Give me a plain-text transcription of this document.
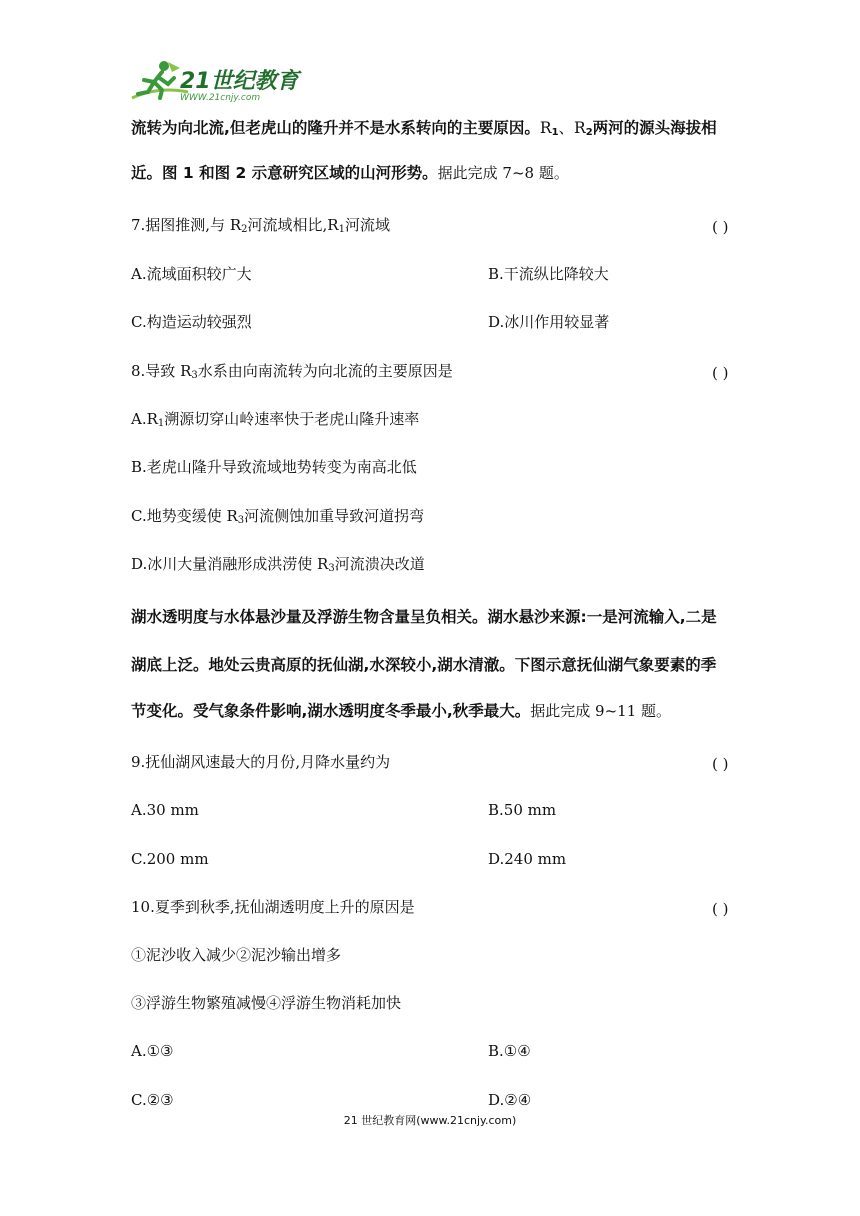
21世纪教育
WWW.21cnjy.com
流转为向北流,但老虎山的隆升并不是水系转向的主要原因。$R_1$、$R_2$两河的源头海拔相
近。图 1 和图 2 示意研究区域的山河形势。据此完成 7~8 题。
7.据图推测,与 $R_2$河流域相比$,R_1$河流域	( )
A.流域面积较广大	B.干流纵比降较大
C.构造运动较强烈	D.冰川作用较显著
8.导致 $R_3$水系由向南流转为向北流的主要原因是	( )
$A.R_1$溯源切穿山岭速率快于老虎山隆升速率
B.老虎山隆升导致流域地势转变为南高北低
C.地势变缓使 $R_3$河流侧蚀加重导致河道拐弯
D.冰川大量消融形成洪涝使 $R_3$河流溃决改道
湖水透明度与水体悬沙量及浮游生物含量呈负相关。湖水悬沙来源:一是河流输入,二是
湖底上泛。地处云贵高原的抚仙湖,水深较小,湖水清澈。下图示意抚仙湖气象要素的季
节变化。受气象条件影响,湖水透明度冬季最小,秋季最大。据此完成 9~11 题。
9.抚仙湖风速最大的月份,月降水量约为	( )
A.30 mm	B.50 mm
C.200 mm	D.240 mm
10.夏季到秋季,抚仙湖透明度上升的原因是	( )
①泥沙收入减少②泥沙输出增多
③浮游生物繁殖减慢④浮游生物消耗加快
A.①③	B.①④
C.②③	D.②④
21 世纪教育网(www.21cnjy.com)
